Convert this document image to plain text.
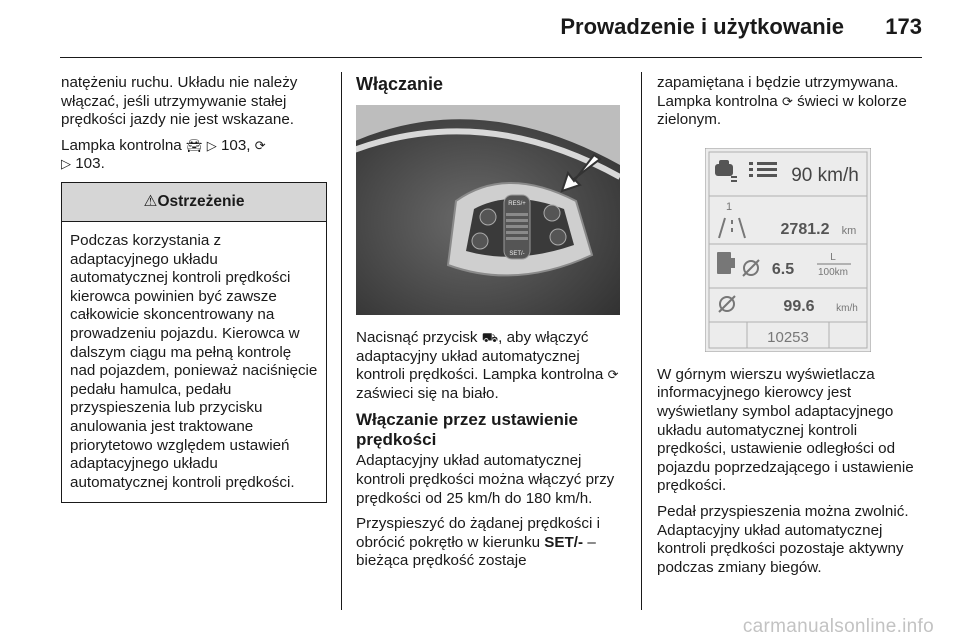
Prowadzenie i użytkowanie 173

natężeniu ruchu. Układu nie należy włączać, jeśli utrzymywanie stałej prędkości jazdy nie jest wskazane.

Lampka kontrolna 🚘︎ ▷ 103, ⟳
▷ 103.

⚠Ostrzeżenie
Podczas korzystania z adaptacyjnego układu automatycznej kontroli prędkości kierowca powinien być zawsze całkowicie skoncentrowany na prowadzeniu pojazdu. Kierowca w dalszym ciągu ma pełną kontrolę nad pojazdem, ponieważ naciśnięcie pedału hamulca, pedału przyspieszenia lub przycisku anulowania jest traktowane priorytetowo względem ustawień adaptacyjnego układu automatycznej kontroli prędkości.
Włączanie
RES/+
SET/-

Nacisnąć przycisk ⛟, aby włączyć adaptacyjny układ automatycznej kontroli prędkości. Lampka kontrolna ⟳ zaświeci się na biało.

Włączanie przez ustawienie prędkości

Adaptacyjny układ automatycznej kontroli prędkości można włączyć przy prędkości od 25 km/h do 180 km/h.

Przyspieszyć do żądanej prędkości i obrócić pokrętło w kierunku SET/- – bieżąca prędkość zostaje

zapamiętana i będzie utrzymywana. Lampka kontrolna ⟳ świeci w kolorze zielonym.

90 km/h
1
2781.2 km
6.5
L
100km
99.6 km/h
10253

W górnym wierszu wyświetlacza informacyjnego kierowcy jest wyświetlany symbol adaptacyjnego układu automatycznej kontroli prędkości, ustawienie odległości od pojazdu poprzedzającego i ustawienie prędkości.

Pedał przyspieszenia można zwolnić. Adaptacyjny układ automatycznej kontroli prędkości pozostaje aktywny podczas zmiany biegów.

carmanualsonline.info
